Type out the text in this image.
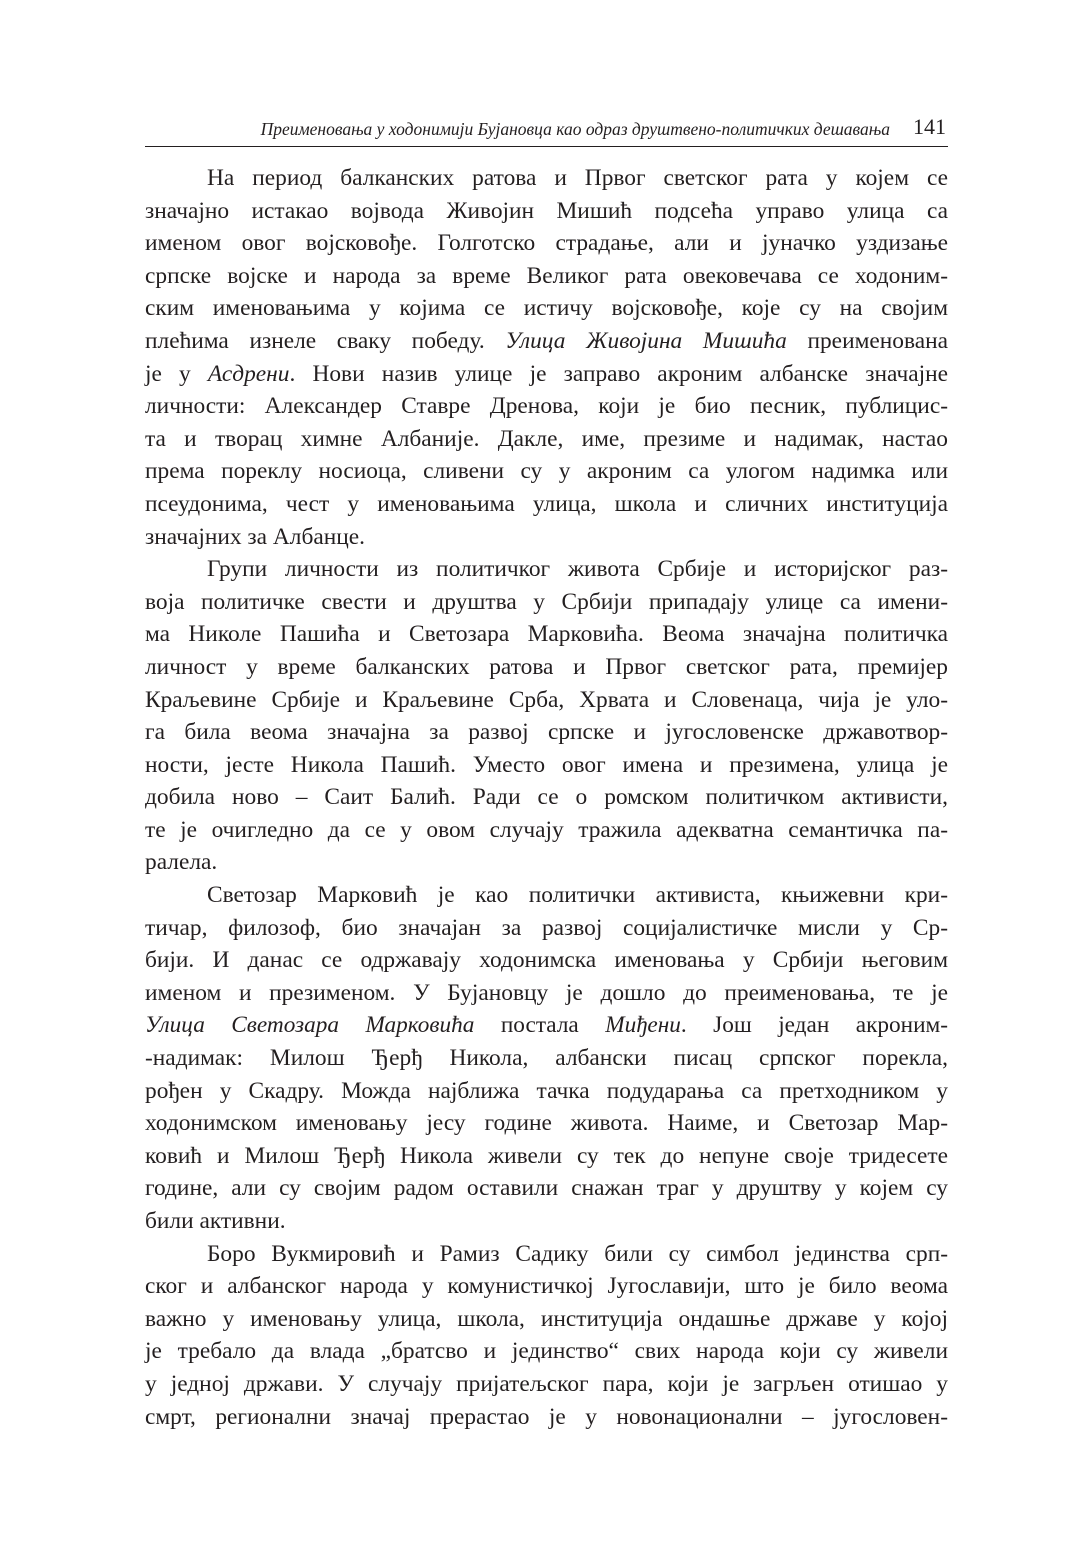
Преименовања у ходонимији Бујановца као одраз друштвено-политичких дешавања 141
На период балканских ратова и Првог светског рата у којем се
значајно истакао војвода Живојин Мишић подсећа управо улица са
именом овог војсковође. Голготско страдање, али и јуначко уздизање
српске војске и народа за време Великог рата овековечава се ходоним-
ским именовањима у којима се истичу војсковође, које су на својим
плећима изнеле сваку победу. Улица Живојина Мишића преименована
је у Асдрени. Нови назив улице је заправо акроним албанске значајне
личности: Александер Ставре Дренова, који је био песник, публицис-
та и творац химне Албаније. Дакле, име, презиме и надимак, настао
према пореклу носиоца, сливени су у акроним са улогом надимка или
псеудонима, чест у именовањима улица, школа и сличних институција
значајних за Албанце.
Групи личности из политичког живота Србије и историјског раз-
воја политичке свести и друштва у Србији припадају улице са имени-
ма Николе Пашића и Светозара Марковића. Веома значајна политичка
личност у време балканских ратова и Првог светског рата, премијер
Краљевине Србије и Краљевине Срба, Хрвата и Словенаца, чија је уло-
га била веома значајна за развој српске и југословенске државотвор-
ности, јесте Никола Пашић. Уместо овог имена и презимена, улица је
добила ново – Саит Балић. Ради се о ромском политичком активисти,
те је очигледно да се у овом случају тражила адекватна семантичка па-
ралела.
Светозар Марковић је као политички активиста, књижевни кри-
тичар, филозоф, био значајан за развој социјалистичке мисли у Ср-
бији. И данас се одржавају ходонимска именовања у Србији његовим
именом и презименом. У Бујановцу је дошло до преименовања, те је
Улица Светозара Марковића постала Миђени. Још један акроним-
-надимак: Милош Ђерђ Никола, албански писац српског порекла,
рођен у Скадру. Можда најближа тачка подударања са претходником у
ходонимском именовању јесу године живота. Наиме, и Светозар Мар-
ковић и Милош Ђерђ Никола живели су тек до непуне своје тридесете
године, али су својим радом оставили снажан траг у друштву у којем су
били активни.
Боро Вукмировић и Рамиз Садику били су симбол јединства срп-
ског и албанског народа у комунистичкој Југославији, што је било веома
важно у именовању улица, школа, институција ондашње државе у којој
је требало да влада „братсво и јединство“ свих народа који су живели
у једној држави. У случају пријатељског пара, који је загрљен отишао у
смрт, регионални значај прерастао је у новонационални – југословен-
